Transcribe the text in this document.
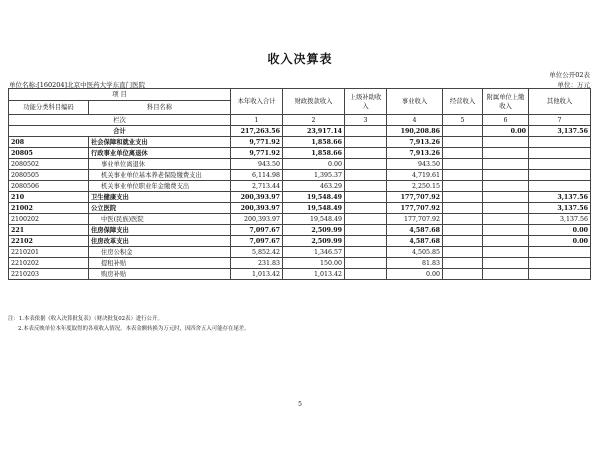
收入决算表
单位公开02表
单位名称:[160204]北京中医药大学东直门医院	单位：万元
项 目		本年收入合计	财政拨款收入	上级补助收入	事业收入	经营收入	附属单位上缴收入	其他收入
功能分类科目编码	科目名称							
栏次		1	2	3	4	5	6	7
合计		217,263.56	23,917.14		190,208.86		0.00	3,137.56
208	社会保障和就业支出	9,771.92	1,858.66		7,913.26			
20805	行政事业单位离退休	9,771.92	1,858.66		7,913.26			
2080502	事业单位离退休	943.50	0.00		943.50			
2080505	机关事业单位基本养老保险缴费支出	6,114.98	1,395.37		4,719.61			
2080506	机关事业单位职业年金缴费支出	2,713.44	463.29		2,250.15			
210	卫生健康支出	200,393.97	19,548.49		177,707.92			3,137.56
21002	公立医院	200,393.97	19,548.49		177,707.92			3,137.56
2100202	中医(民族)医院	200,393.97	19,548.49		177,707.92			3,137.56
221	住房保障支出	7,097.67	2,509.99		4,587.68			0.00
22102	住房改革支出	7,097.67	2,509.99		4,587.68			0.00
2210201	住房公积金	5,852.42	1,346.57		4,505.85			
2210202	提租补贴	231.83	150.00		81.83			
2210203	购房补贴	1,013.42	1,013.42		0.00			
注：1.本表依据《收入决算批复表》（财决批复02表）进行公开。
2.本表反映单位本年度取得的各项收入情况。本表金额转换为万元时，因四舍五入可能存在尾差。
5
